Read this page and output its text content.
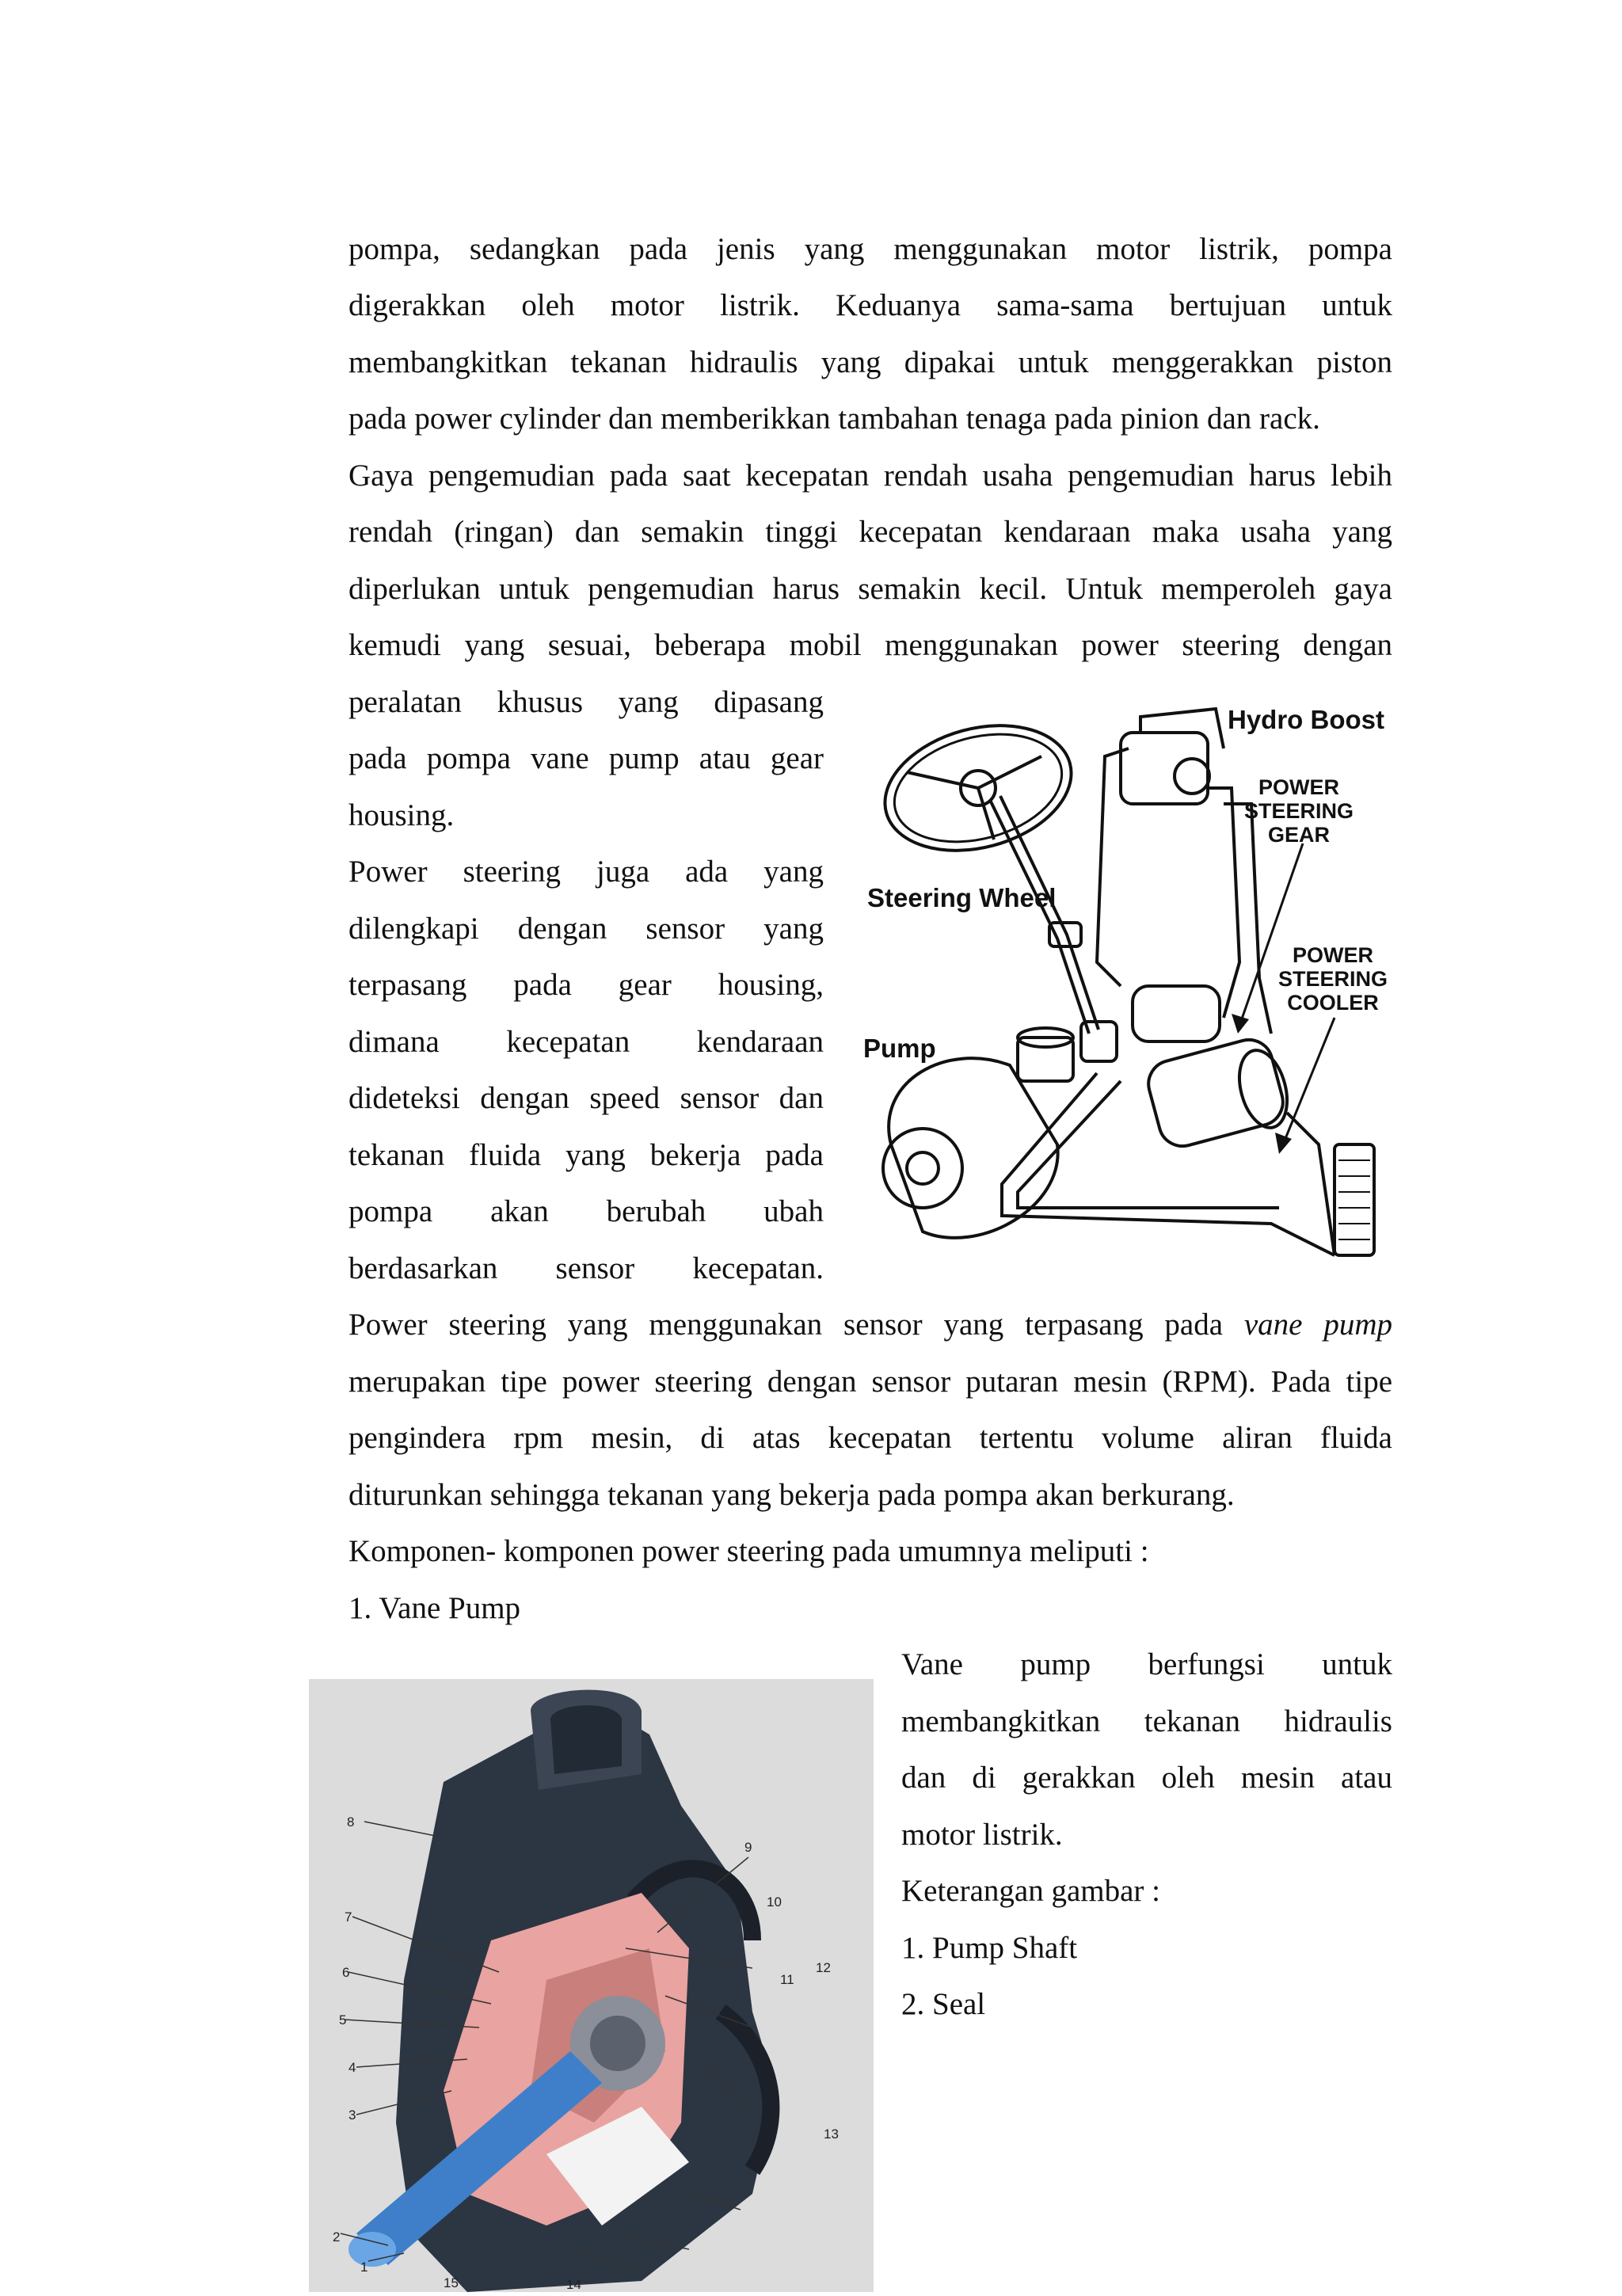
pompa, sedangkan pada jenis yang menggunakan motor listrik, pompa
digerakkan oleh motor listrik. Keduanya sama-sama bertujuan untuk
membangkitkan tekanan hidraulis yang dipakai untuk menggerakkan piston
pada power cylinder dan memberikkan tambahan tenaga pada pinion dan rack.
Gaya pengemudian pada saat kecepatan rendah usaha pengemudian harus lebih
rendah (ringan) dan semakin tinggi kecepatan kendaraan maka usaha yang
diperlukan untuk pengemudian harus semakin kecil. Untuk memperoleh gaya
kemudi yang sesuai, beberapa mobil menggunakan power steering dengan
peralatan khusus yang dipasang
pada pompa vane pump atau gear
housing.
Power steering juga ada yang
dilengkapi dengan sensor yang
terpasang pada gear housing,
dimana kecepatan kendaraan
dideteksi dengan speed sensor dan
tekanan fluida yang bekerja pada
pompa akan berubah ubah
berdasarkan sensor kecepatan.
Power steering yang menggunakan sensor yang terpasang pada vane pump
merupakan tipe power steering dengan sensor putaran mesin (RPM). Pada tipe
pengindera rpm mesin, di atas kecepatan tertentu volume aliran fluida
diturunkan sehingga tekanan yang bekerja pada pompa akan berkurang.
Komponen- komponen power steering pada umumnya meliputi :
1. Vane Pump
Vane pump berfungsi untuk
membangkitkan tekanan hidraulis
dan di gerakkan oleh mesin atau
motor listrik.
Keterangan gambar :
1. Pump Shaft
2. Seal
Hydro Boost
POWER
STEERING
GEAR
Steering Wheel
POWER
STEERING
COOLER
Pump
2
1
3
4
5
6
7
8
9
10
11
12
13
14
15
